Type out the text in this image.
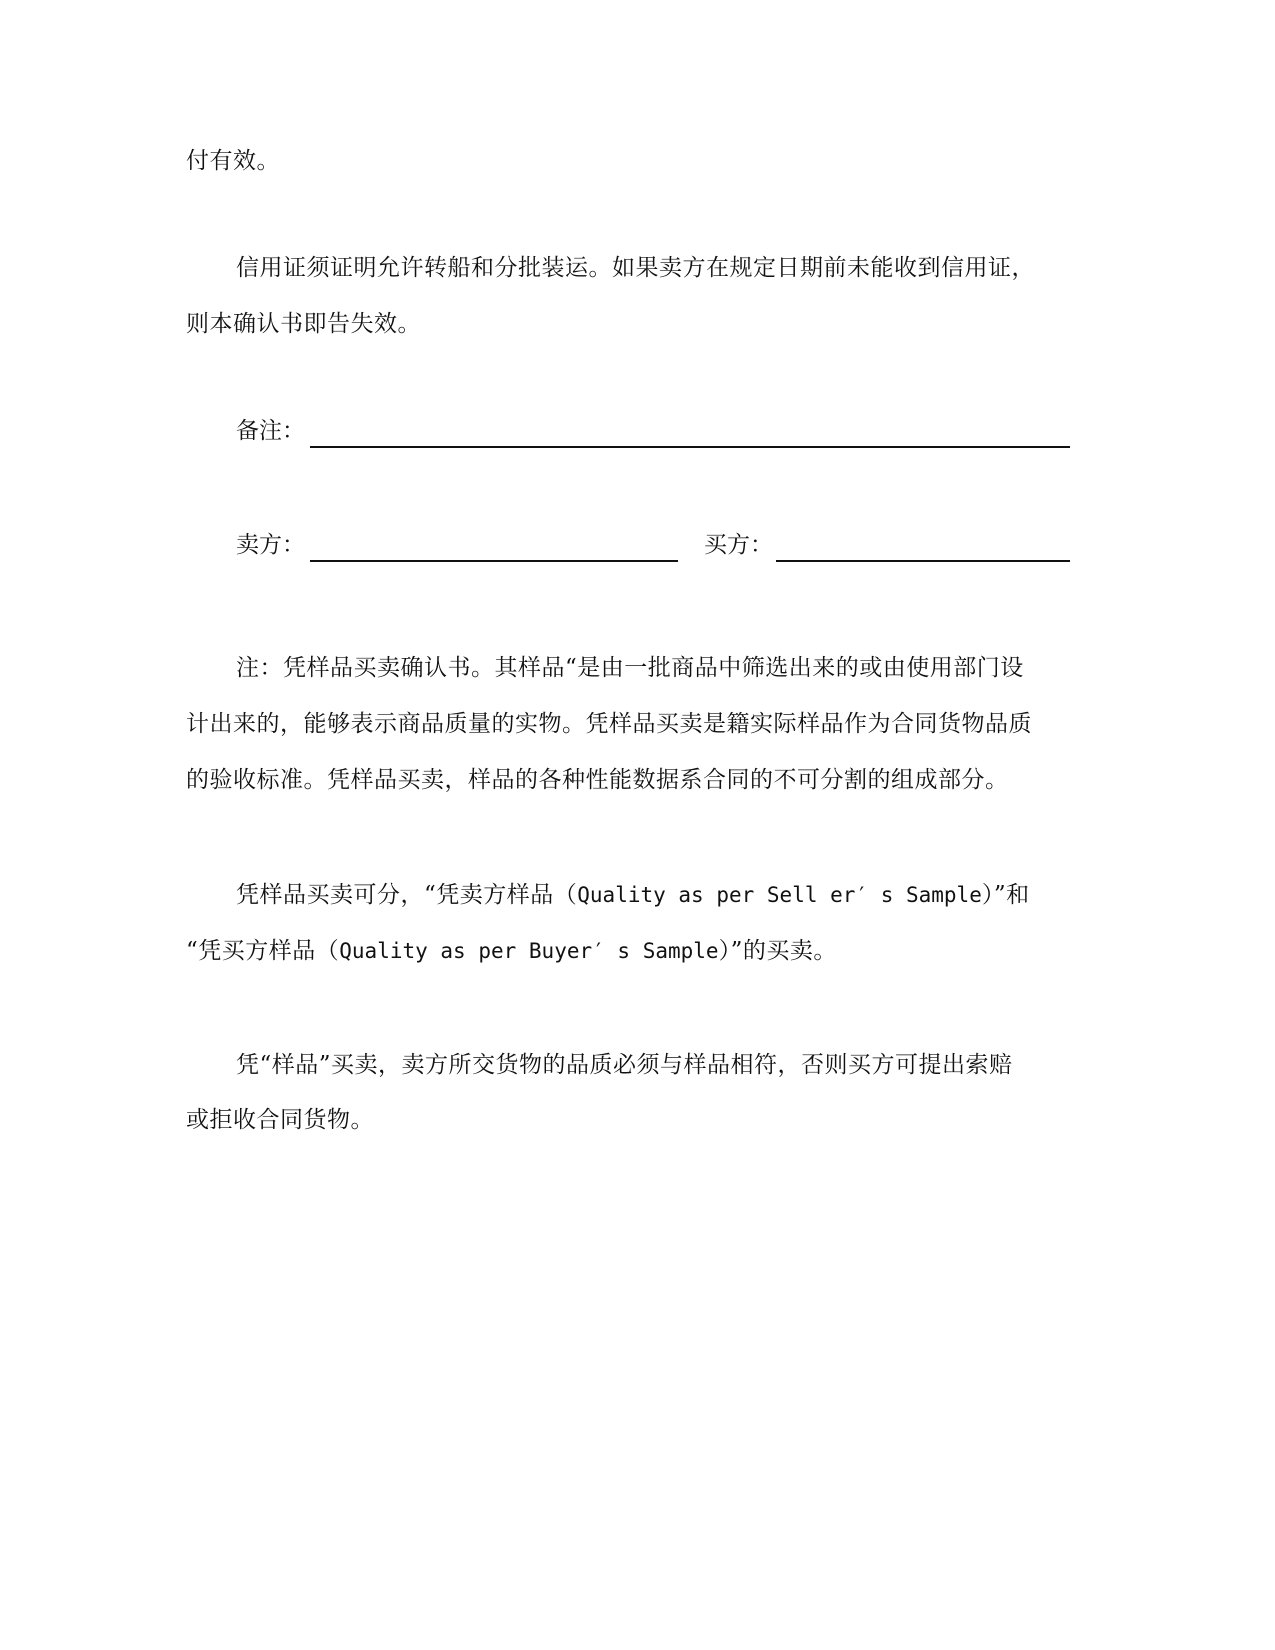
付有效。
信用证须证明允许转船和分批装运。如果卖方在规定日期前未能收到信用证，
则本确认书即告失效。
备注：
卖方：	买方：
注：凭样品买卖确认书。其样品“是由一批商品中筛选出来的或由使用部门设
计出来的，能够表示商品质量的实物。凭样品买卖是籍实际样品作为合同货物品质
的验收标准。凭样品买卖，样品的各种性能数据系合同的不可分割的组成部分。
凭样品买卖可分，“凭卖方样品（Quality as per Sell er′ s Sample）”和
“凭买方样品（Quality as per Buyer′ s Sample）”的买卖。
凭“样品”买卖，卖方所交货物的品质必须与样品相符，否则买方可提出索赔
或拒收合同货物。
